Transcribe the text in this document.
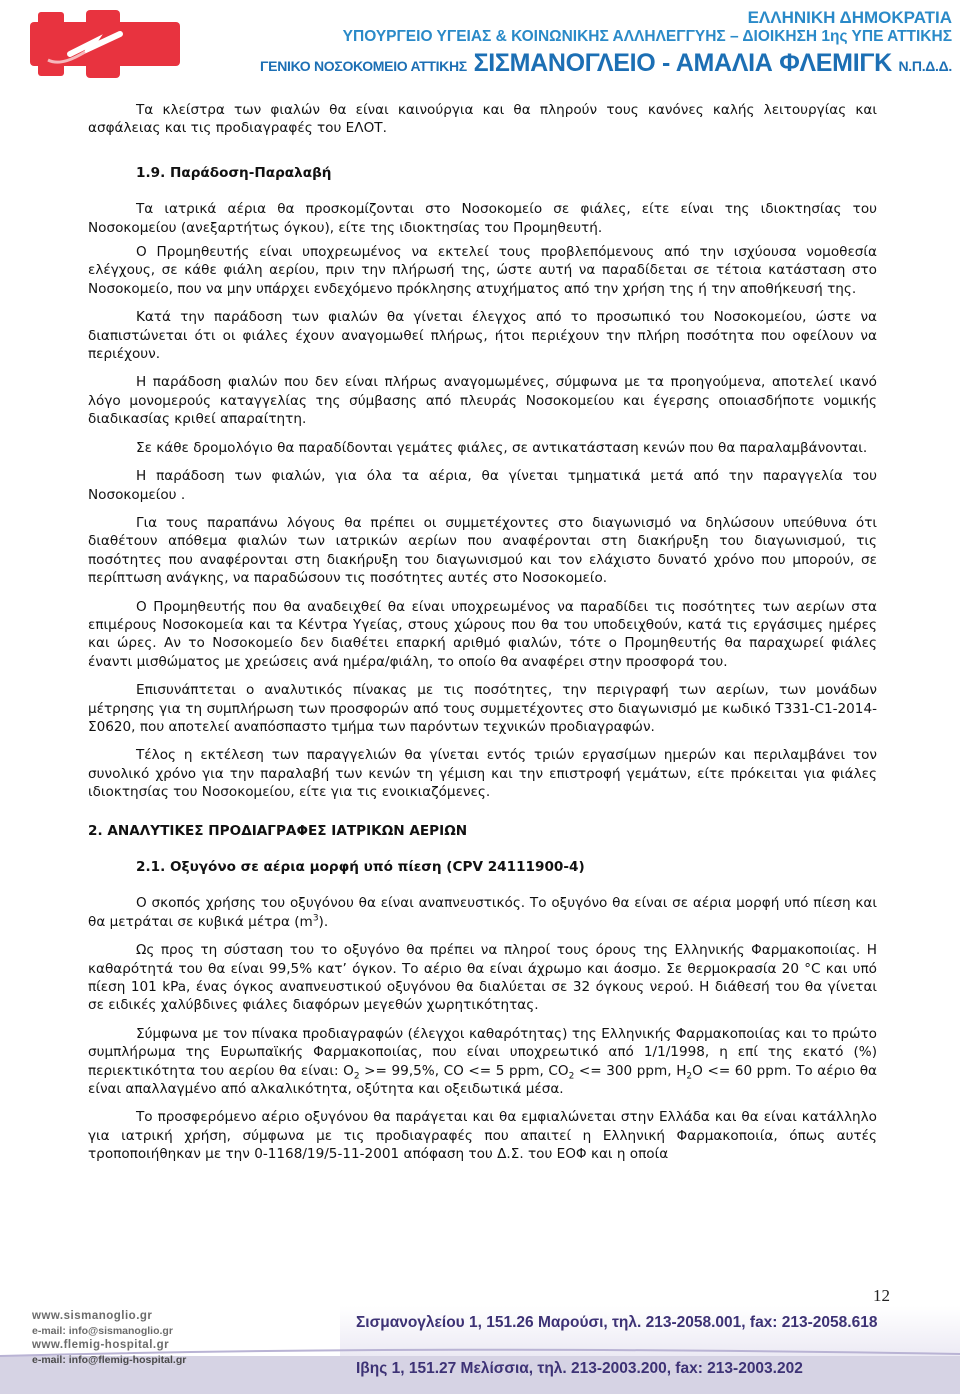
ΕΛΛΗΝΙΚΗ ΔΗΜΟΚΡΑΤΙΑ
ΥΠΟΥΡΓΕΙΟ ΥΓΕΙΑΣ & ΚΟΙΝΩΝΙΚΗΣ ΑΛΛΗΛΕΓΓΥΗΣ – ΔΙΟΙΚΗΣΗ 1ης ΥΠΕ ΑΤΤΙΚΗΣ
ΓΕΝΙΚΟ ΝΟΣΟΚΟΜΕΙΟ ΑΤΤΙΚΗΣ ΣΙΣΜΑΝΟΓΛΕΙΟ - ΑΜΑΛΙΑ ΦΛΕΜΙΓΚ Ν.Π.Δ.Δ.

Τα κλείστρα των φιαλών θα είναι καινούργια και θα πληρούν τους κανόνες καλής λειτουργίας και ασφάλειας και τις προδιαγραφές του ΕΛΟΤ.

1.9. Παράδοση-Παραλαβή

Τα ιατρικά αέρια θα προσκομίζονται στο Νοσοκομείο σε φιάλες, είτε είναι της ιδιοκτησίας του Νοσοκομείου (ανεξαρτήτως όγκου), είτε της ιδιοκτησίας του Προμηθευτή.

Ο Προμηθευτής είναι υποχρεωμένος να εκτελεί τους προβλεπόμενους από την ισχύουσα νομοθεσία ελέγχους, σε κάθε φιάλη αερίου, πριν την πλήρωσή της, ώστε αυτή να παραδίδεται σε τέτοια κατάσταση στο Νοσοκομείο, που να μην υπάρχει ενδεχόμενο πρόκλησης ατυχήματος από την χρήση της ή την αποθήκευσή της.

Κατά την παράδοση των φιαλών θα γίνεται έλεγχος από το προσωπικό του Νοσοκομείου, ώστε να διαπιστώνεται ότι οι φιάλες έχουν αναγομωθεί πλήρως, ήτοι περιέχουν την πλήρη ποσότητα που οφείλουν να περιέχουν.

Η παράδοση φιαλών που δεν είναι πλήρως αναγομωμένες, σύμφωνα με τα προηγούμενα, αποτελεί ικανό λόγο μονομερούς καταγγελίας της σύμβασης από πλευράς Νοσοκομείου και έγερσης οποιασδήποτε νομικής διαδικασίας κριθεί απαραίτητη.

Σε κάθε δρομολόγιο θα παραδίδονται γεμάτες φιάλες, σε αντικατάσταση κενών που θα παραλαμβάνονται.

Η παράδοση των φιαλών, για όλα τα αέρια, θα γίνεται τμηματικά μετά από την παραγγελία του Νοσοκομείου .

Για τους παραπάνω λόγους θα πρέπει οι συμμετέχοντες στο διαγωνισμό να δηλώσουν υπεύθυνα ότι διαθέτουν απόθεμα φιαλών των ιατρικών αερίων που αναφέρονται στη διακήρυξη του διαγωνισμού, τις ποσότητες που αναφέρονται στη διακήρυξη του διαγωνισμού και τον ελάχιστο δυνατό χρόνο που μπορούν, σε περίπτωση ανάγκης, να παραδώσουν τις ποσότητες αυτές στο Νοσοκομείο.

Ο Προμηθευτής που θα αναδειχθεί θα είναι υποχρεωμένος να παραδίδει τις ποσότητες των αερίων στα επιμέρους Νοσοκομεία και τα Κέντρα Υγείας, στους χώρους που θα του υποδειχθούν, κατά τις εργάσιμες ημέρες και ώρες. Αν το Νοσοκομείο δεν διαθέτει επαρκή αριθμό φιαλών, τότε ο Προμηθευτής θα παραχωρεί φιάλες έναντι μισθώματος με χρεώσεις ανά ημέρα/φιάλη, το οποίο θα αναφέρει στην προσφορά του.

Επισυνάπτεται ο αναλυτικός πίνακας με τις ποσότητες, την περιγραφή των αερίων, των μονάδων μέτρησης για τη συμπλήρωση των προσφορών από τους συμμετέχοντες στο διαγωνισμό με κωδικό Τ331-C1-2014-Σ0620, που αποτελεί αναπόσπαστο τμήμα των παρόντων τεχνικών προδιαγραφών.

Τέλος η εκτέλεση των παραγγελιών θα γίνεται εντός τριών εργασίμων ημερών και περιλαμβάνει τον συνολικό χρόνο για την παραλαβή των κενών τη γέμιση και την επιστροφή γεμάτων, είτε πρόκειται για φιάλες ιδιοκτησίας του Νοσοκομείου, είτε για τις ενοικιαζόμενες.

2. ΑΝΑΛΥΤΙΚΕΣ ΠΡΟΔΙΑΓΡΑΦΕΣ ΙΑΤΡΙΚΩΝ ΑΕΡΙΩΝ

2.1. Οξυγόνο σε αέρια μορφή υπό πίεση (CPV 24111900-4)

Ο σκοπός χρήσης του οξυγόνου θα είναι αναπνευστικός. Το οξυγόνο θα είναι σε αέρια μορφή υπό πίεση και θα μετράται σε κυβικά μέτρα $(m^3)$.

Ως προς τη σύσταση του το οξυγόνο θα πρέπει να πληροί τους όρους της Ελληνικής Φαρμακοποιίας. Η καθαρότητά του θα είναι 99,5% κατ’ όγκον. Το αέριο θα είναι άχρωμο και άοσμο. Σε θερμοκρασία 20 °C και υπό πίεση 101 kPa, ένας όγκος αναπνευστικού οξυγόνου θα διαλύεται σε 32 όγκους νερού. Η διάθεσή του θα γίνεται σε ειδικές χαλύβδινες φιάλες διαφόρων μεγεθών χωρητικότητας.

Σύμφωνα με τον πίνακα προδιαγραφών (έλεγχοι καθαρότητας) της Ελληνικής Φαρμακοποιίας και το πρώτο συμπλήρωμα της Ευρωπαϊκής Φαρμακοποιίας, που είναι υποχρεωτικό από 1/1/1998, η επί της εκατό (%) περιεκτικότητα του αερίου θα είναι: $O_2 >= 99,5\%$, CO <= 5 ppm, $CO_2 <= 300$ ppm, $H_2O <= 60$ ppm. Το αέριο θα είναι απαλλαγμένο από αλκαλικότητα, οξύτητα και οξειδωτικά μέσα.

Το προσφερόμενο αέριο οξυγόνου θα παράγεται και θα εμφιαλώνεται στην Ελλάδα και θα είναι κατάλληλο για ιατρική χρήση, σύμφωνα με τις προδιαγραφές που απαιτεί η Ελληνική Φαρμακοποιία, όπως αυτές τροποποιήθηκαν με την 0-1168/19/5-11-2001 απόφαση του Δ.Σ. του ΕΟΦ και η οποία

12
www.sismanoglio.gr
e-mail: info@sismanoglio.gr
www.flemig-hospital.gr
e-mail: info@flemig-hospital.gr
Σισμανογλείου 1, 151.26 Μαρούσι, τηλ. 213-2058.001, fax: 213-2058.618
Ιβης 1, 151.27 Μελίσσια, τηλ. 213-2003.200, fax: 213-2003.202
